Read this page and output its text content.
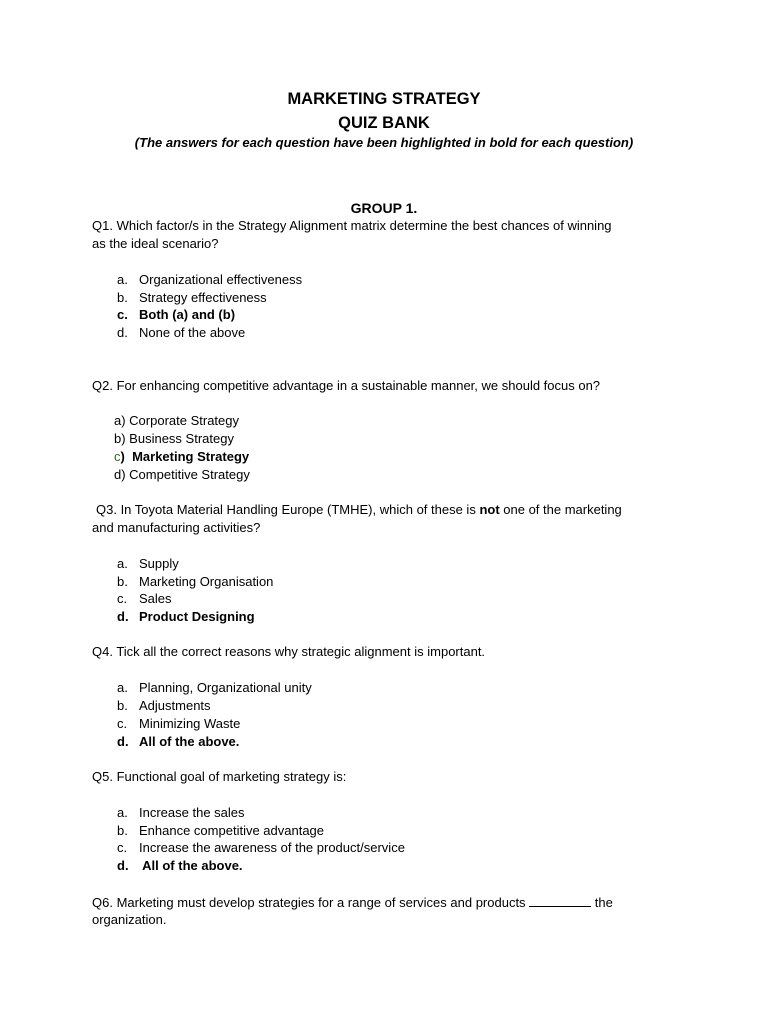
MARKETING STRATEGY
QUIZ BANK
(The answers for each question have been highlighted in bold for each question)
GROUP 1.
Q1. Which factor/s in the Strategy Alignment matrix determine the best chances of winning
as the ideal scenario?
a. Organizational effectiveness
b. Strategy effectiveness
c. Both (a) and (b)
d. None of the above
Q2. For enhancing competitive advantage in a sustainable manner, we should focus on?
a) Corporate Strategy
b) Business Strategy
c) Marketing Strategy
d) Competitive Strategy
Q3. In Toyota Material Handling Europe (TMHE), which of these is not one of the marketing
and manufacturing activities?
a. Supply
b. Marketing Organisation
c. Sales
d. Product Designing
Q4. Tick all the correct reasons why strategic alignment is important.
a. Planning, Organizational unity
b. Adjustments
c. Minimizing Waste
d. All of the above.
Q5. Functional goal of marketing strategy is:
a. Increase the sales
b. Enhance competitive advantage
c. Increase the awareness of the product/service
d. All of the above.
Q6. Marketing must develop strategies for a range of services and products	the
organization.
